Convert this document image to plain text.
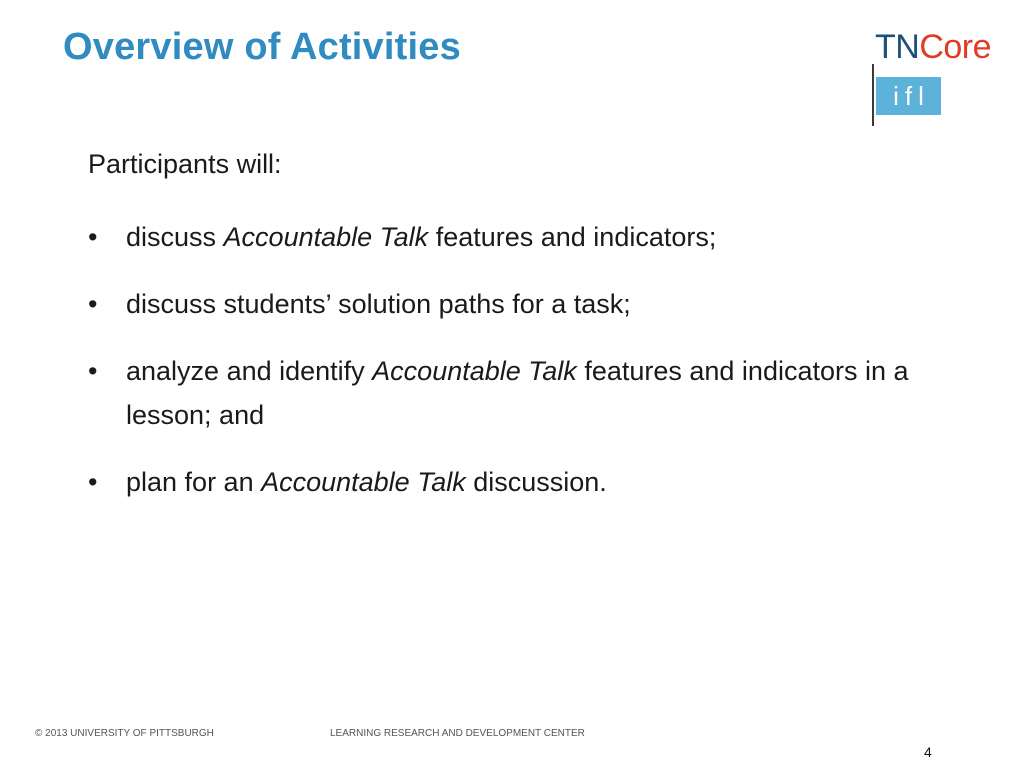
Overview of Activities	TNCore
ifl
Participants will:
•	discuss Accountable Talk features and indicators;
•	discuss students’ solution paths for a task;
•	analyze and identify Accountable Talk features and indicators in a lesson; and
•	plan for an Accountable Talk discussion.
© 2013 UNIVERSITY OF PITTSBURGH	LEARNING RESEARCH AND DEVELOPMENT CENTER
4
